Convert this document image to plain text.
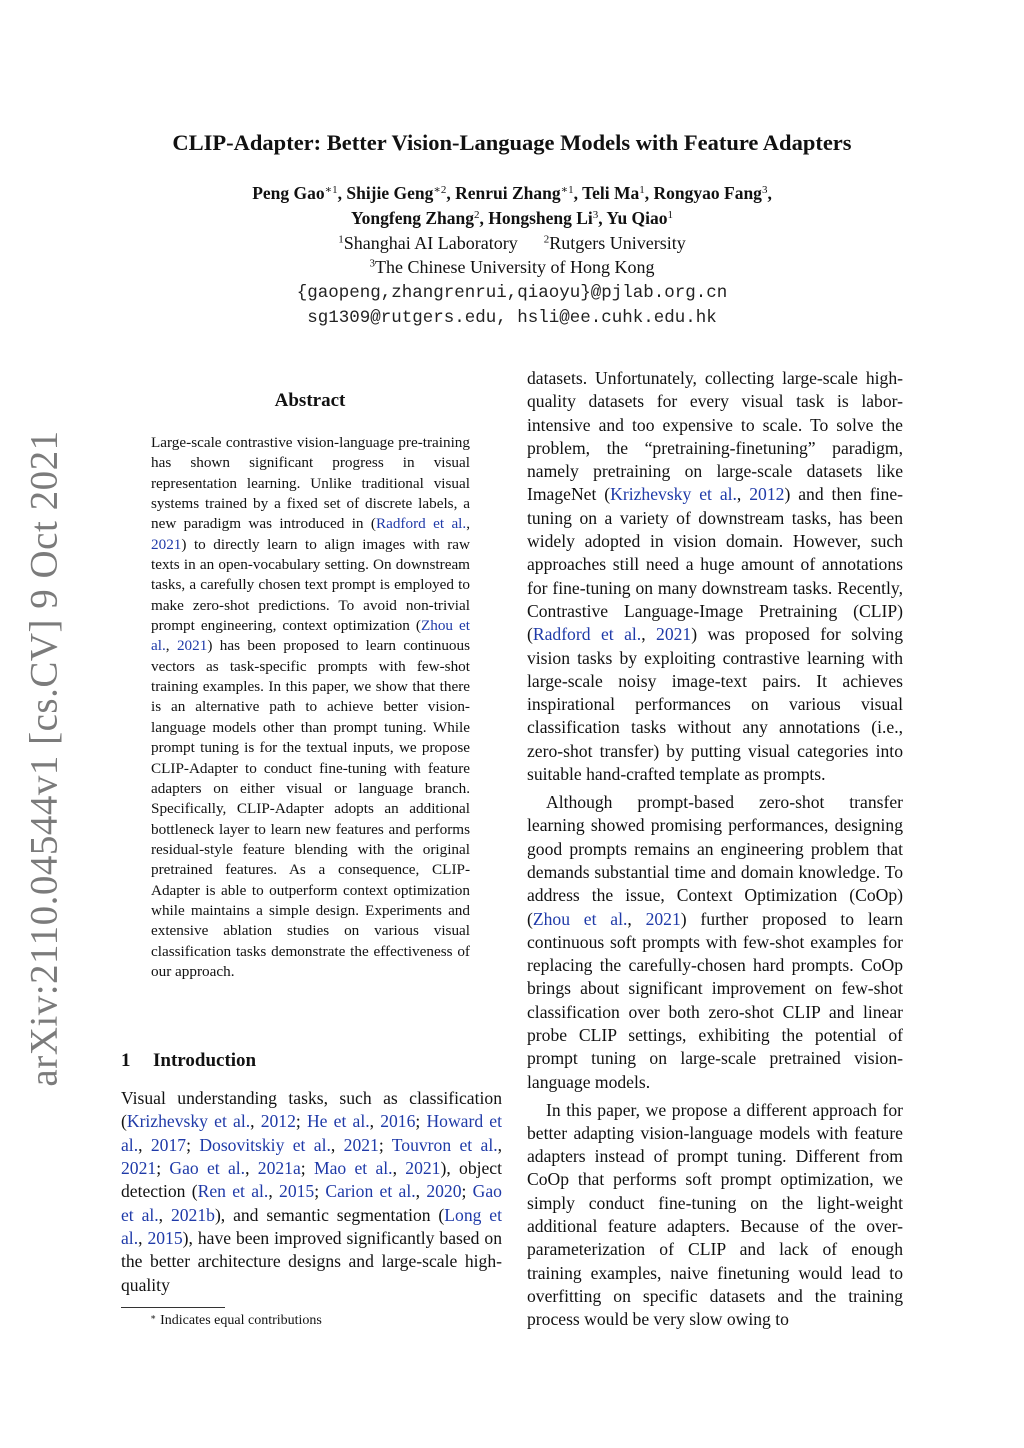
arXiv:2110.04544v1 [cs.CV] 9 Oct 2021
CLIP-Adapter: Better Vision-Language Models with Feature Adapters
Peng Gao$^{∗1}$, Shijie Geng$^{∗2}$, Renrui Zhang$^{∗1}$, Teli Ma$^1$, Rongyao Fang$^3$,
Yongfeng Zhang$^2$, Hongsheng Li$^3$, Yu Qiao$^1$
$^1$Shanghai AI Laboratory $^2$Rutgers University
$^3$The Chinese University of Hong Kong
{gaopeng,zhangrenrui,qiaoyu}@pjlab.org.cn
sg1309@rutgers.edu, hsli@ee.cuhk.edu.hk
Abstract
Large-scale contrastive vision-language pre-training has shown significant progress in visual representation learning. Unlike traditional visual systems trained by a fixed set of discrete labels, a new paradigm was introduced in (Radford et al., 2021) to directly learn to align images with raw texts in an open-vocabulary setting. On downstream tasks, a carefully chosen text prompt is employed to make zero-shot predictions. To avoid non-trivial prompt engineering, context optimization (Zhou et al., 2021) has been proposed to learn continuous vectors as task-specific prompts with few-shot training examples. In this paper, we show that there is an alternative path to achieve better vision-language models other than prompt tuning. While prompt tuning is for the textual inputs, we propose CLIP-Adapter to conduct fine-tuning with feature adapters on either visual or language branch. Specifically, CLIP-Adapter adopts an additional bottleneck layer to learn new features and performs residual-style feature blending with the original pretrained features. As a consequence, CLIP-Adapter is able to outperform context optimization while maintains a simple design. Experiments and extensive ablation studies on various visual classification tasks demonstrate the effectiveness of our approach.
1 Introduction
Visual understanding tasks, such as classification (Krizhevsky et al., 2012; He et al., 2016; Howard et al., 2017; Dosovitskiy et al., 2021; Touvron et al., 2021; Gao et al., 2021a; Mao et al., 2021), object detection (Ren et al., 2015; Carion et al., 2020; Gao et al., 2021b), and semantic segmentation (Long et al., 2015), have been improved significantly based on the better architecture designs and large-scale high-quality
∗ Indicates equal contributions

datasets. Unfortunately, collecting large-scale high-quality datasets for every visual task is labor-intensive and too expensive to scale. To solve the problem, the “pretraining-finetuning” paradigm, namely pretraining on large-scale datasets like ImageNet (Krizhevsky et al., 2012) and then fine-tuning on a variety of downstream tasks, has been widely adopted in vision domain. However, such approaches still need a huge amount of annotations for fine-tuning on many downstream tasks. Recently, Contrastive Language-Image Pretraining (CLIP) (Radford et al., 2021) was proposed for solving vision tasks by exploiting contrastive learning with large-scale noisy image-text pairs. It achieves inspirational performances on various visual classification tasks without any annotations (i.e., zero-shot transfer) by putting visual categories into suitable hand-crafted template as prompts.

Although prompt-based zero-shot transfer learning showed promising performances, designing good prompts remains an engineering problem that demands substantial time and domain knowledge. To address the issue, Context Optimization (CoOp) (Zhou et al., 2021) further proposed to learn continuous soft prompts with few-shot examples for replacing the carefully-chosen hard prompts. CoOp brings about significant improvement on few-shot classification over both zero-shot CLIP and linear probe CLIP settings, exhibiting the potential of prompt tuning on large-scale pretrained vision-language models.

In this paper, we propose a different approach for better adapting vision-language models with feature adapters instead of prompt tuning. Different from CoOp that performs soft prompt optimization, we simply conduct fine-tuning on the light-weight additional feature adapters. Because of the over-parameterization of CLIP and lack of enough training examples, naive finetuning would lead to overfitting on specific datasets and the training process would be very slow owing to
